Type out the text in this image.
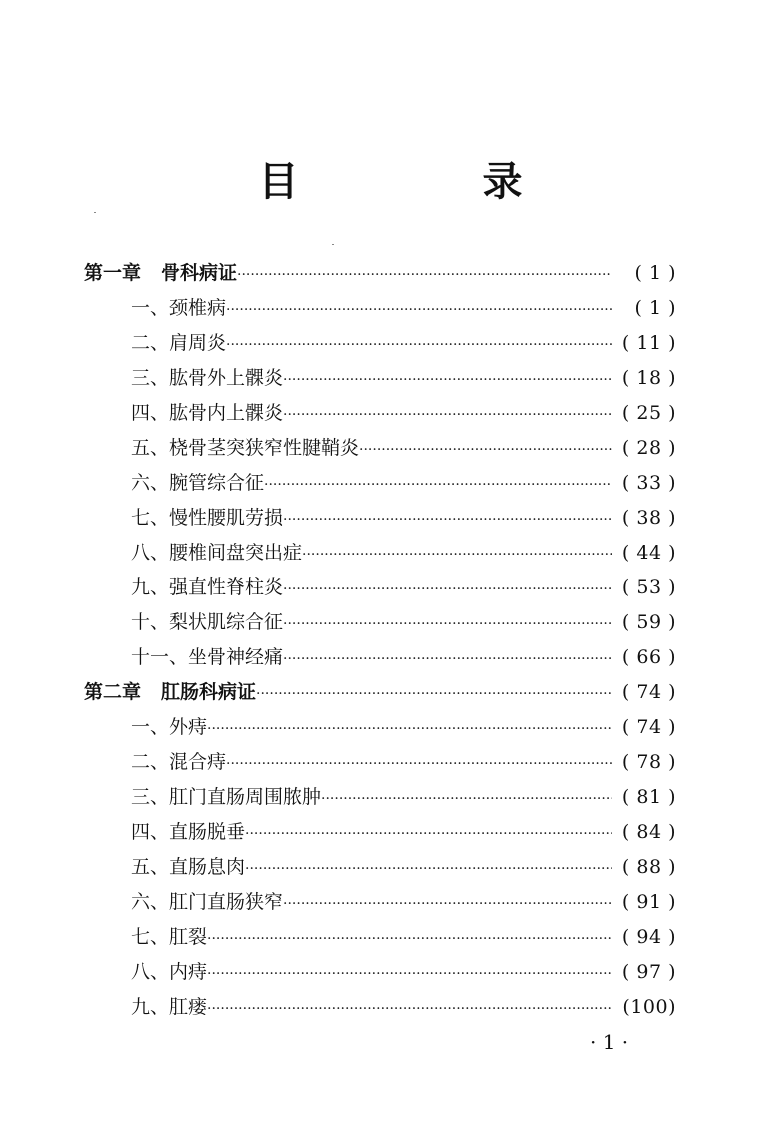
目　录
第一章 骨科病证 ·····	( 1 )
一、颈椎病 ·····	( 1 )
二、肩周炎 ·····	( 11 )
三、肱骨外上髁炎 ·····	( 18 )
四、肱骨内上髁炎 ·····	( 25 )
五、桡骨茎突狭窄性腱鞘炎 ·····	( 28 )
六、腕管综合征 ·····	( 33 )
七、慢性腰肌劳损 ·····	( 38 )
八、腰椎间盘突出症 ·····	( 44 )
九、强直性脊柱炎 ·····	( 53 )
十、梨状肌综合征 ·····	( 59 )
十一、坐骨神经痛 ·····	( 66 )
第二章 肛肠科病证 ·····	( 74 )
一、外痔 ·····	( 74 )
二、混合痔 ·····	( 78 )
三、肛门直肠周围脓肿 ·····	( 81 )
四、直肠脱垂 ·····	( 84 )
五、直肠息肉 ·····	( 88 )
六、肛门直肠狭窄 ·····	( 91 )
七、肛裂 ·····	( 94 )
八、内痔 ·····	( 97 )
九、肛瘘 ·····	(100)
· 1 ·
